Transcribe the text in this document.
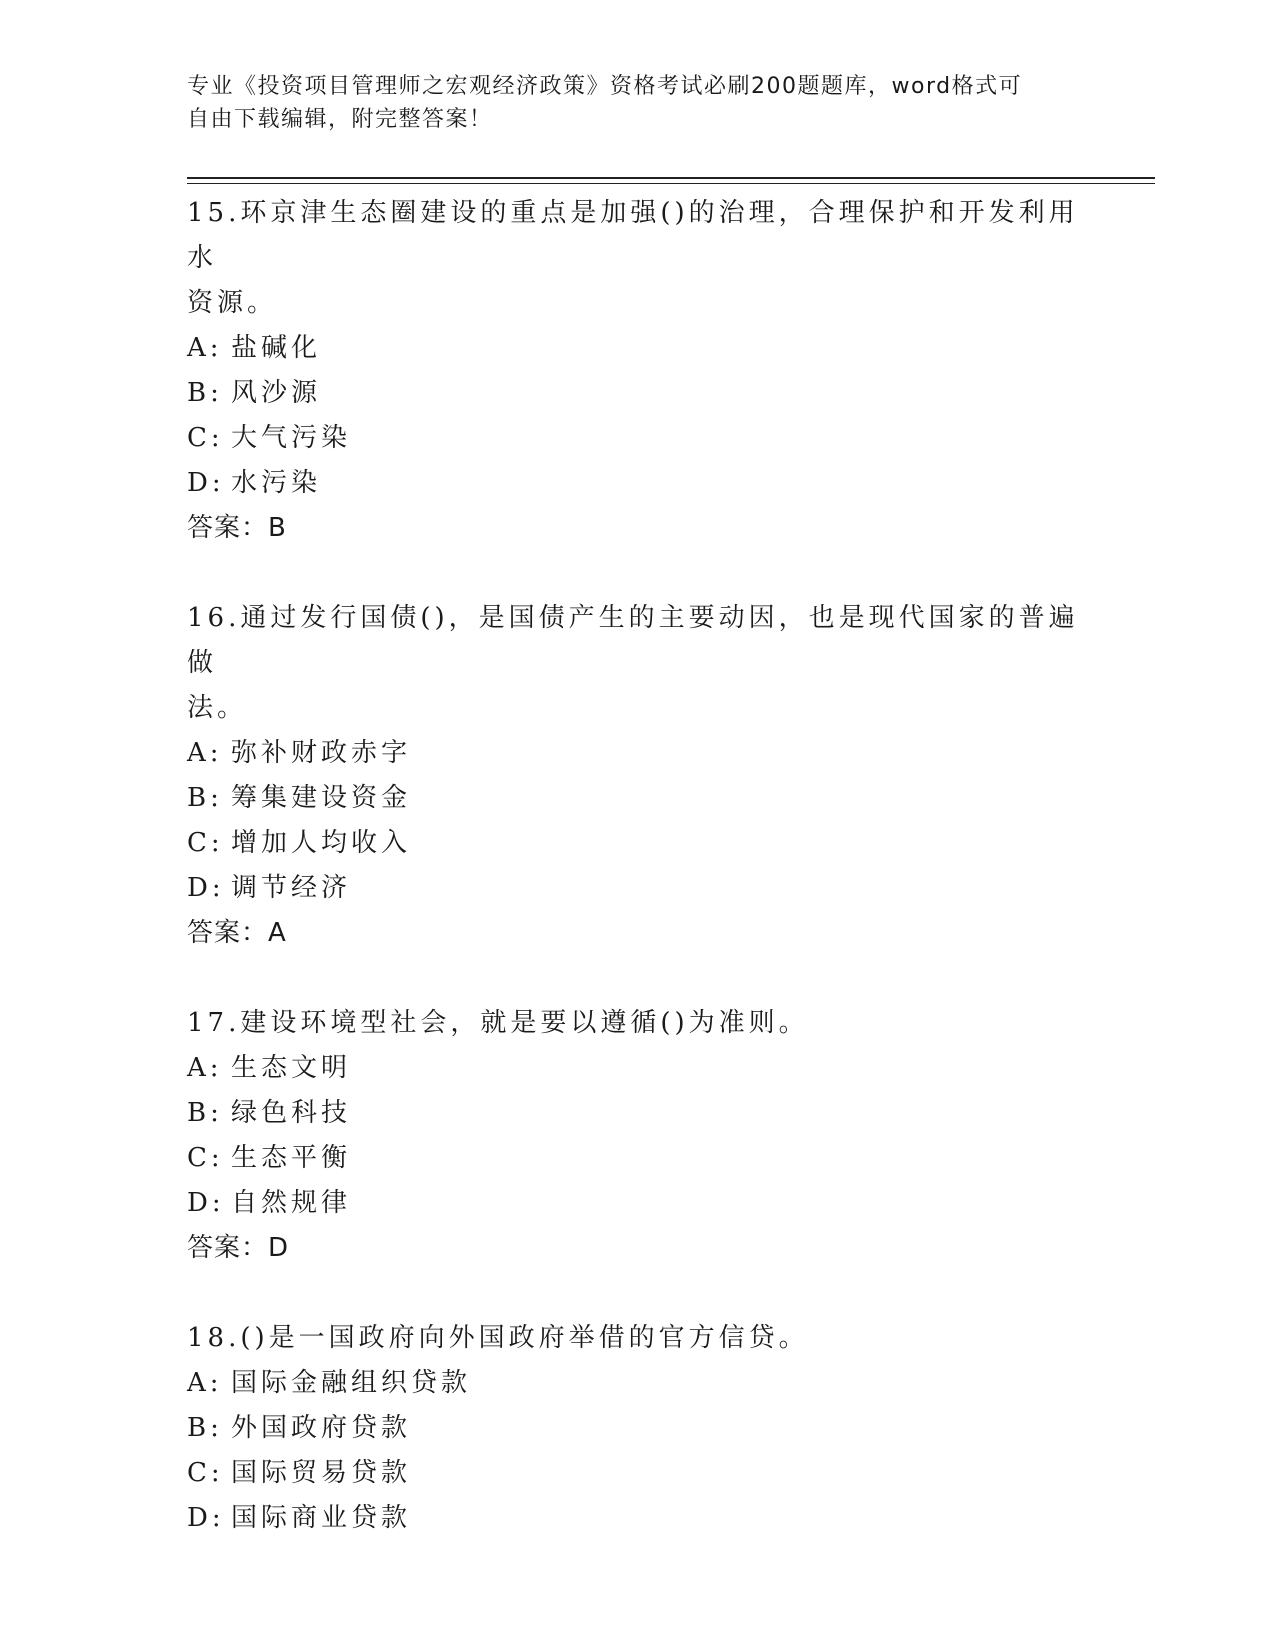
专业《投资项目管理师之宏观经济政策》资格考试必刷200题题库，word格式可
自由下载编辑，附完整答案！
15.环京津生态圈建设的重点是加强()的治理，合理保护和开发利用水
资源。
A: 盐碱化
B: 风沙源
C: 大气污染
D: 水污染
答案：B
16.通过发行国债()，是国债产生的主要动因，也是现代国家的普遍做
法。
A: 弥补财政赤字
B: 筹集建设资金
C: 增加人均收入
D: 调节经济
答案：A
17.建设环境型社会，就是要以遵循()为准则。
A: 生态文明
B: 绿色科技
C: 生态平衡
D: 自然规律
答案：D
18.()是一国政府向外国政府举借的官方信贷。
A: 国际金融组织贷款
B: 外国政府贷款
C: 国际贸易贷款
D: 国际商业贷款
